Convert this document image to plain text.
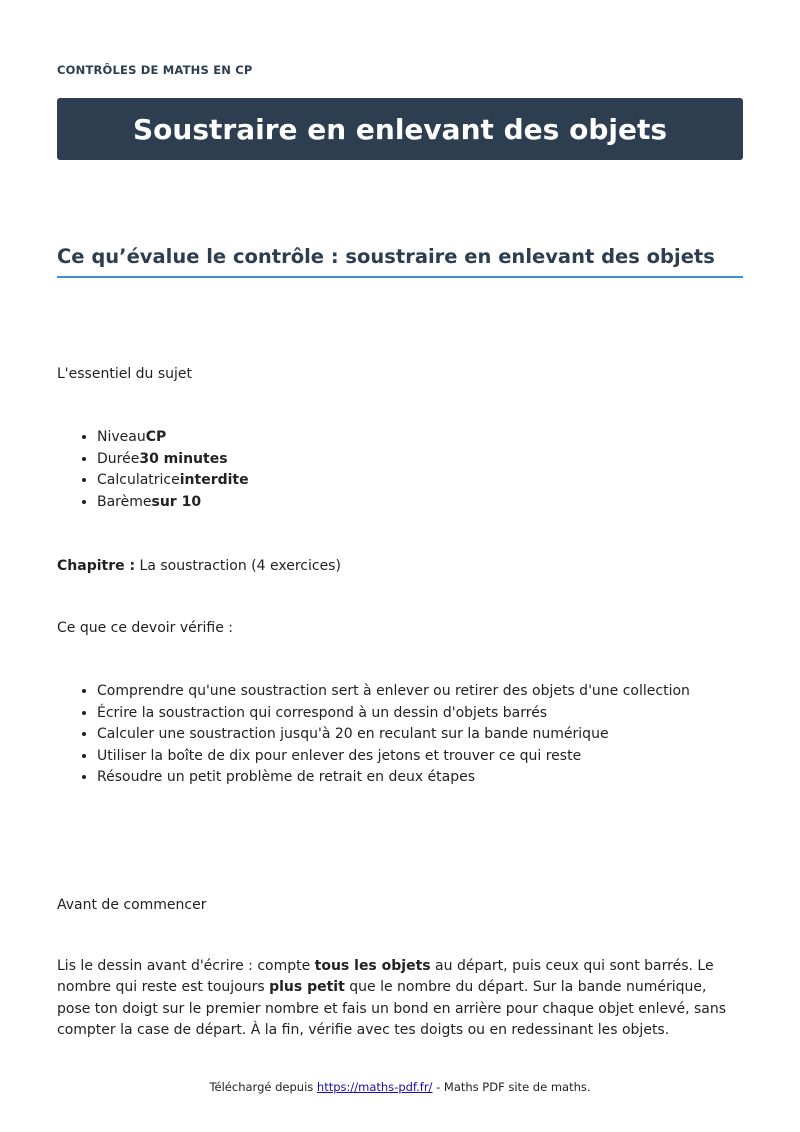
CONTRÔLES DE MATHS EN CP
Soustraire en enlevant des objets
Ce qu’évalue le contrôle : soustraire en enlevant des objets

L'essentiel du sujet

• NiveauCP
• Durée30 minutes
• Calculatriceinterdite
• Barèmesur 10

Chapitre : La soustraction (4 exercices)

Ce que ce devoir vérifie :

• Comprendre qu'une soustraction sert à enlever ou retirer des objets d'une collection
• Écrire la soustraction qui correspond à un dessin d'objets barrés
• Calculer une soustraction jusqu'à 20 en reculant sur la bande numérique
• Utiliser la boîte de dix pour enlever des jetons et trouver ce qui reste
• Résoudre un petit problème de retrait en deux étapes

Avant de commencer

Lis le dessin avant d'écrire : compte tous les objets au départ, puis ceux qui sont barrés. Le nombre qui reste est toujours plus petit que le nombre du départ. Sur la bande numérique, pose ton doigt sur le premier nombre et fais un bond en arrière pour chaque objet enlevé, sans compter la case de départ. À la fin, vérifie avec tes doigts ou en redessinant les objets.

Téléchargé depuis https://maths-pdf.fr/ - Maths PDF site de maths.
